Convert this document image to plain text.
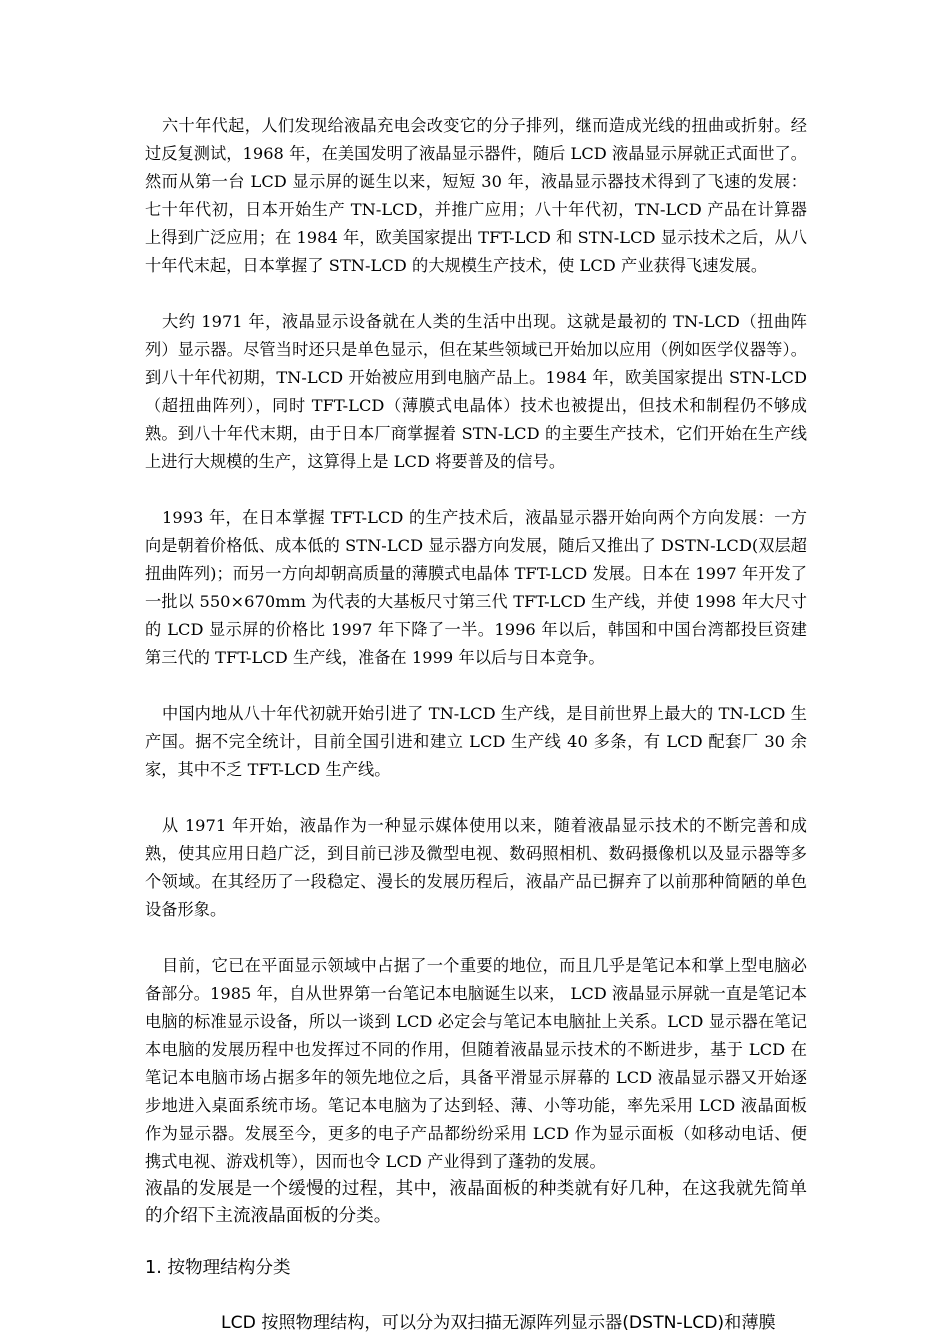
六十年代起，人们发现给液晶充电会改变它的分子排列，继而造成光线的扭曲或折射。经过反复测试，1968 年，在美国发明了液晶显示器件，随后 LCD 液晶显示屏就正式面世了。然而从第一台 LCD 显示屏的诞生以来，短短 30 年，液晶显示器技术得到了飞速的发展：七十年代初，日本开始生产 TN-LCD，并推广应用；八十年代初，TN-LCD 产品在计算器上得到广泛应用；在 1984 年，欧美国家提出 TFT-LCD 和 STN-LCD 显示技术之后，从八十年代末起，日本掌握了 STN-LCD 的大规模生产技术，使 LCD 产业获得飞速发展。

大约 1971 年，液晶显示设备就在人类的生活中出现。这就是最初的 TN-LCD（扭曲阵列）显示器。尽管当时还只是单色显示，但在某些领域已开始加以应用（例如医学仪器等）。到八十年代初期，TN-LCD 开始被应用到电脑产品上。1984 年，欧美国家提出 STN-LCD（超扭曲阵列），同时 TFT-LCD（薄膜式电晶体）技术也被提出，但技术和制程仍不够成熟。到八十年代末期，由于日本厂商掌握着 STN-LCD 的主要生产技术，它们开始在生产线上进行大规模的生产，这算得上是 LCD 将要普及的信号。

1993 年，在日本掌握 TFT-LCD 的生产技术后，液晶显示器开始向两个方向发展：一方向是朝着价格低、成本低的 STN-LCD 显示器方向发展，随后又推出了 DSTN-LCD(双层超扭曲阵列)；而另一方向却朝高质量的薄膜式电晶体 TFT-LCD 发展。日本在 1997 年开发了一批以 550×670mm 为代表的大基板尺寸第三代 TFT-LCD 生产线，并使 1998 年大尺寸的 LCD 显示屏的价格比 1997 年下降了一半。1996 年以后，韩国和中国台湾都投巨资建第三代的 TFT-LCD 生产线，准备在 1999 年以后与日本竞争。

中国内地从八十年代初就开始引进了 TN-LCD 生产线，是目前世界上最大的 TN-LCD 生产国。据不完全统计，目前全国引进和建立 LCD 生产线 40 多条，有 LCD 配套厂 30 余家，其中不乏 TFT-LCD 生产线。

从 1971 年开始，液晶作为一种显示媒体使用以来，随着液晶显示技术的不断完善和成熟，使其应用日趋广泛，到目前已涉及微型电视、数码照相机、数码摄像机以及显示器等多个领域。在其经历了一段稳定、漫长的发展历程后，液晶产品已摒弃了以前那种简陋的单色设备形象。

目前，它已在平面显示领域中占据了一个重要的地位，而且几乎是笔记本和掌上型电脑必备部分。1985 年，自从世界第一台笔记本电脑诞生以来， LCD 液晶显示屏就一直是笔记本电脑的标准显示设备，所以一谈到 LCD 必定会与笔记本电脑扯上关系。LCD 显示器在笔记本电脑的发展历程中也发挥过不同的作用，但随着液晶显示技术的不断进步，基于 LCD 在笔记本电脑市场占据多年的领先地位之后，具备平滑显示屏幕的 LCD 液晶显示器又开始逐步地进入桌面系统市场。笔记本电脑为了达到轻、薄、小等功能，率先采用 LCD 液晶面板作为显示器。发展至今，更多的电子产品都纷纷采用 LCD 作为显示面板（如移动电话、便携式电视、游戏机等），因而也令 LCD 产业得到了蓬勃的发展。

液晶的发展是一个缓慢的过程，其中，液晶面板的种类就有好几种，在这我就先简单的介绍下主流液晶面板的分类。

1. 按物理结构分类

LCD 按照物理结构，可以分为双扫描无源阵列显示器(DSTN-LCD)和薄膜
